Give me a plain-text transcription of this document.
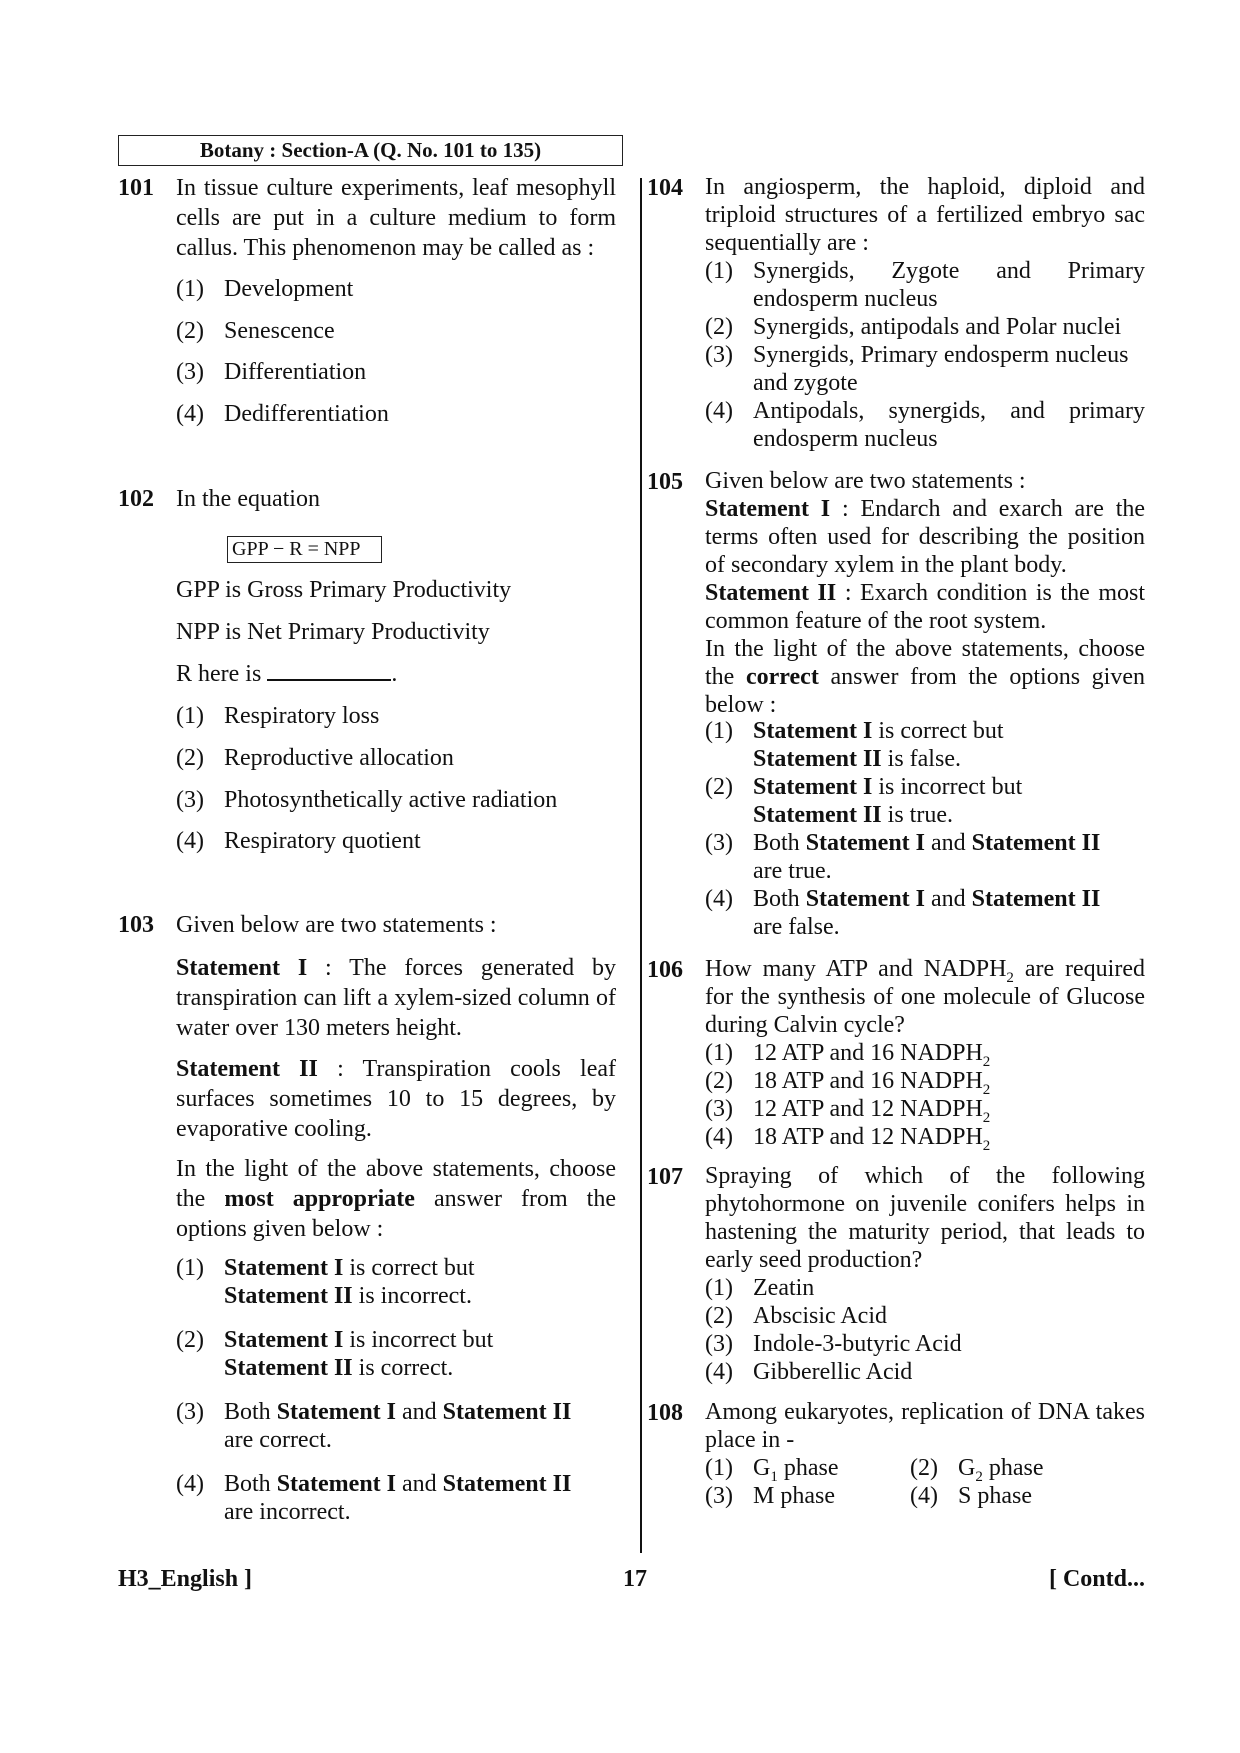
Botany : Section-A (Q. No. 101 to 135)
101 In tissue culture experiments, leaf mesophyll cells are put in a culture medium to form callus. This phenomenon may be called as :
(1) Development
(2) Senescence
(3) Differentiation
(4) Dedifferentiation
102 In the equation
GPP − R = NPP
GPP is Gross Primary Productivity
NPP is Net Primary Productivity
R here is	.
(1) Respiratory loss
(2) Reproductive allocation
(3) Photosynthetically active radiation
(4) Respiratory quotient
103 Given below are two statements :
Statement I : The forces generated by transpiration can lift a xylem-sized column of water over 130 meters height.
Statement II : Transpiration cools leaf surfaces sometimes 10 to 15 degrees, by evaporative cooling.
In the light of the above statements, choose the most appropriate answer from the options given below :
(1) Statement I is correct but
Statement II is incorrect.
(2) Statement I is incorrect but
Statement II is correct.
(3) Both Statement I and Statement II
are correct.
(4) Both Statement I and Statement II
are incorrect.
104 In angiosperm, the haploid, diploid and triploid structures of a fertilized embryo sac sequentially are :
(1) Synergids, Zygote and Primary endosperm nucleus
(2) Synergids, antipodals and Polar nuclei
(3) Synergids, Primary endosperm nucleus and zygote
(4) Antipodals, synergids, and primary endosperm nucleus
105 Given below are two statements :
Statement I : Endarch and exarch are the terms often used for describing the position of secondary xylem in the plant body.
Statement II : Exarch condition is the most common feature of the root system.
In the light of the above statements, choose the correct answer from the options given below :
(1) Statement I is correct but
Statement II is false.
(2) Statement I is incorrect but
Statement II is true.
(3) Both Statement I and Statement II
are true.
(4) Both Statement I and Statement II
are false.
106 How many ATP and $NADPH_2$ are required for the synthesis of one molecule of Glucose during Calvin cycle?
(1) 12 ATP and 16 $NADPH_2$
(2) 18 ATP and 16 $NADPH_2$
(3) 12 ATP and 12 $NADPH_2$
(4) 18 ATP and 12 $NADPH_2$
107 Spraying of which of the following phytohormone on juvenile conifers helps in hastening the maturity period, that leads to early seed production?
(1) Zeatin
(2) Abscisic Acid
(3) Indole-3-butyric Acid
(4) Gibberellic Acid
108 Among eukaryotes, replication of DNA takes place in -
(1) $G_1$ phase	(2) $G_2$ phase
(3) M phase	(4) S phase
H3_English ]	17	[ Contd...
